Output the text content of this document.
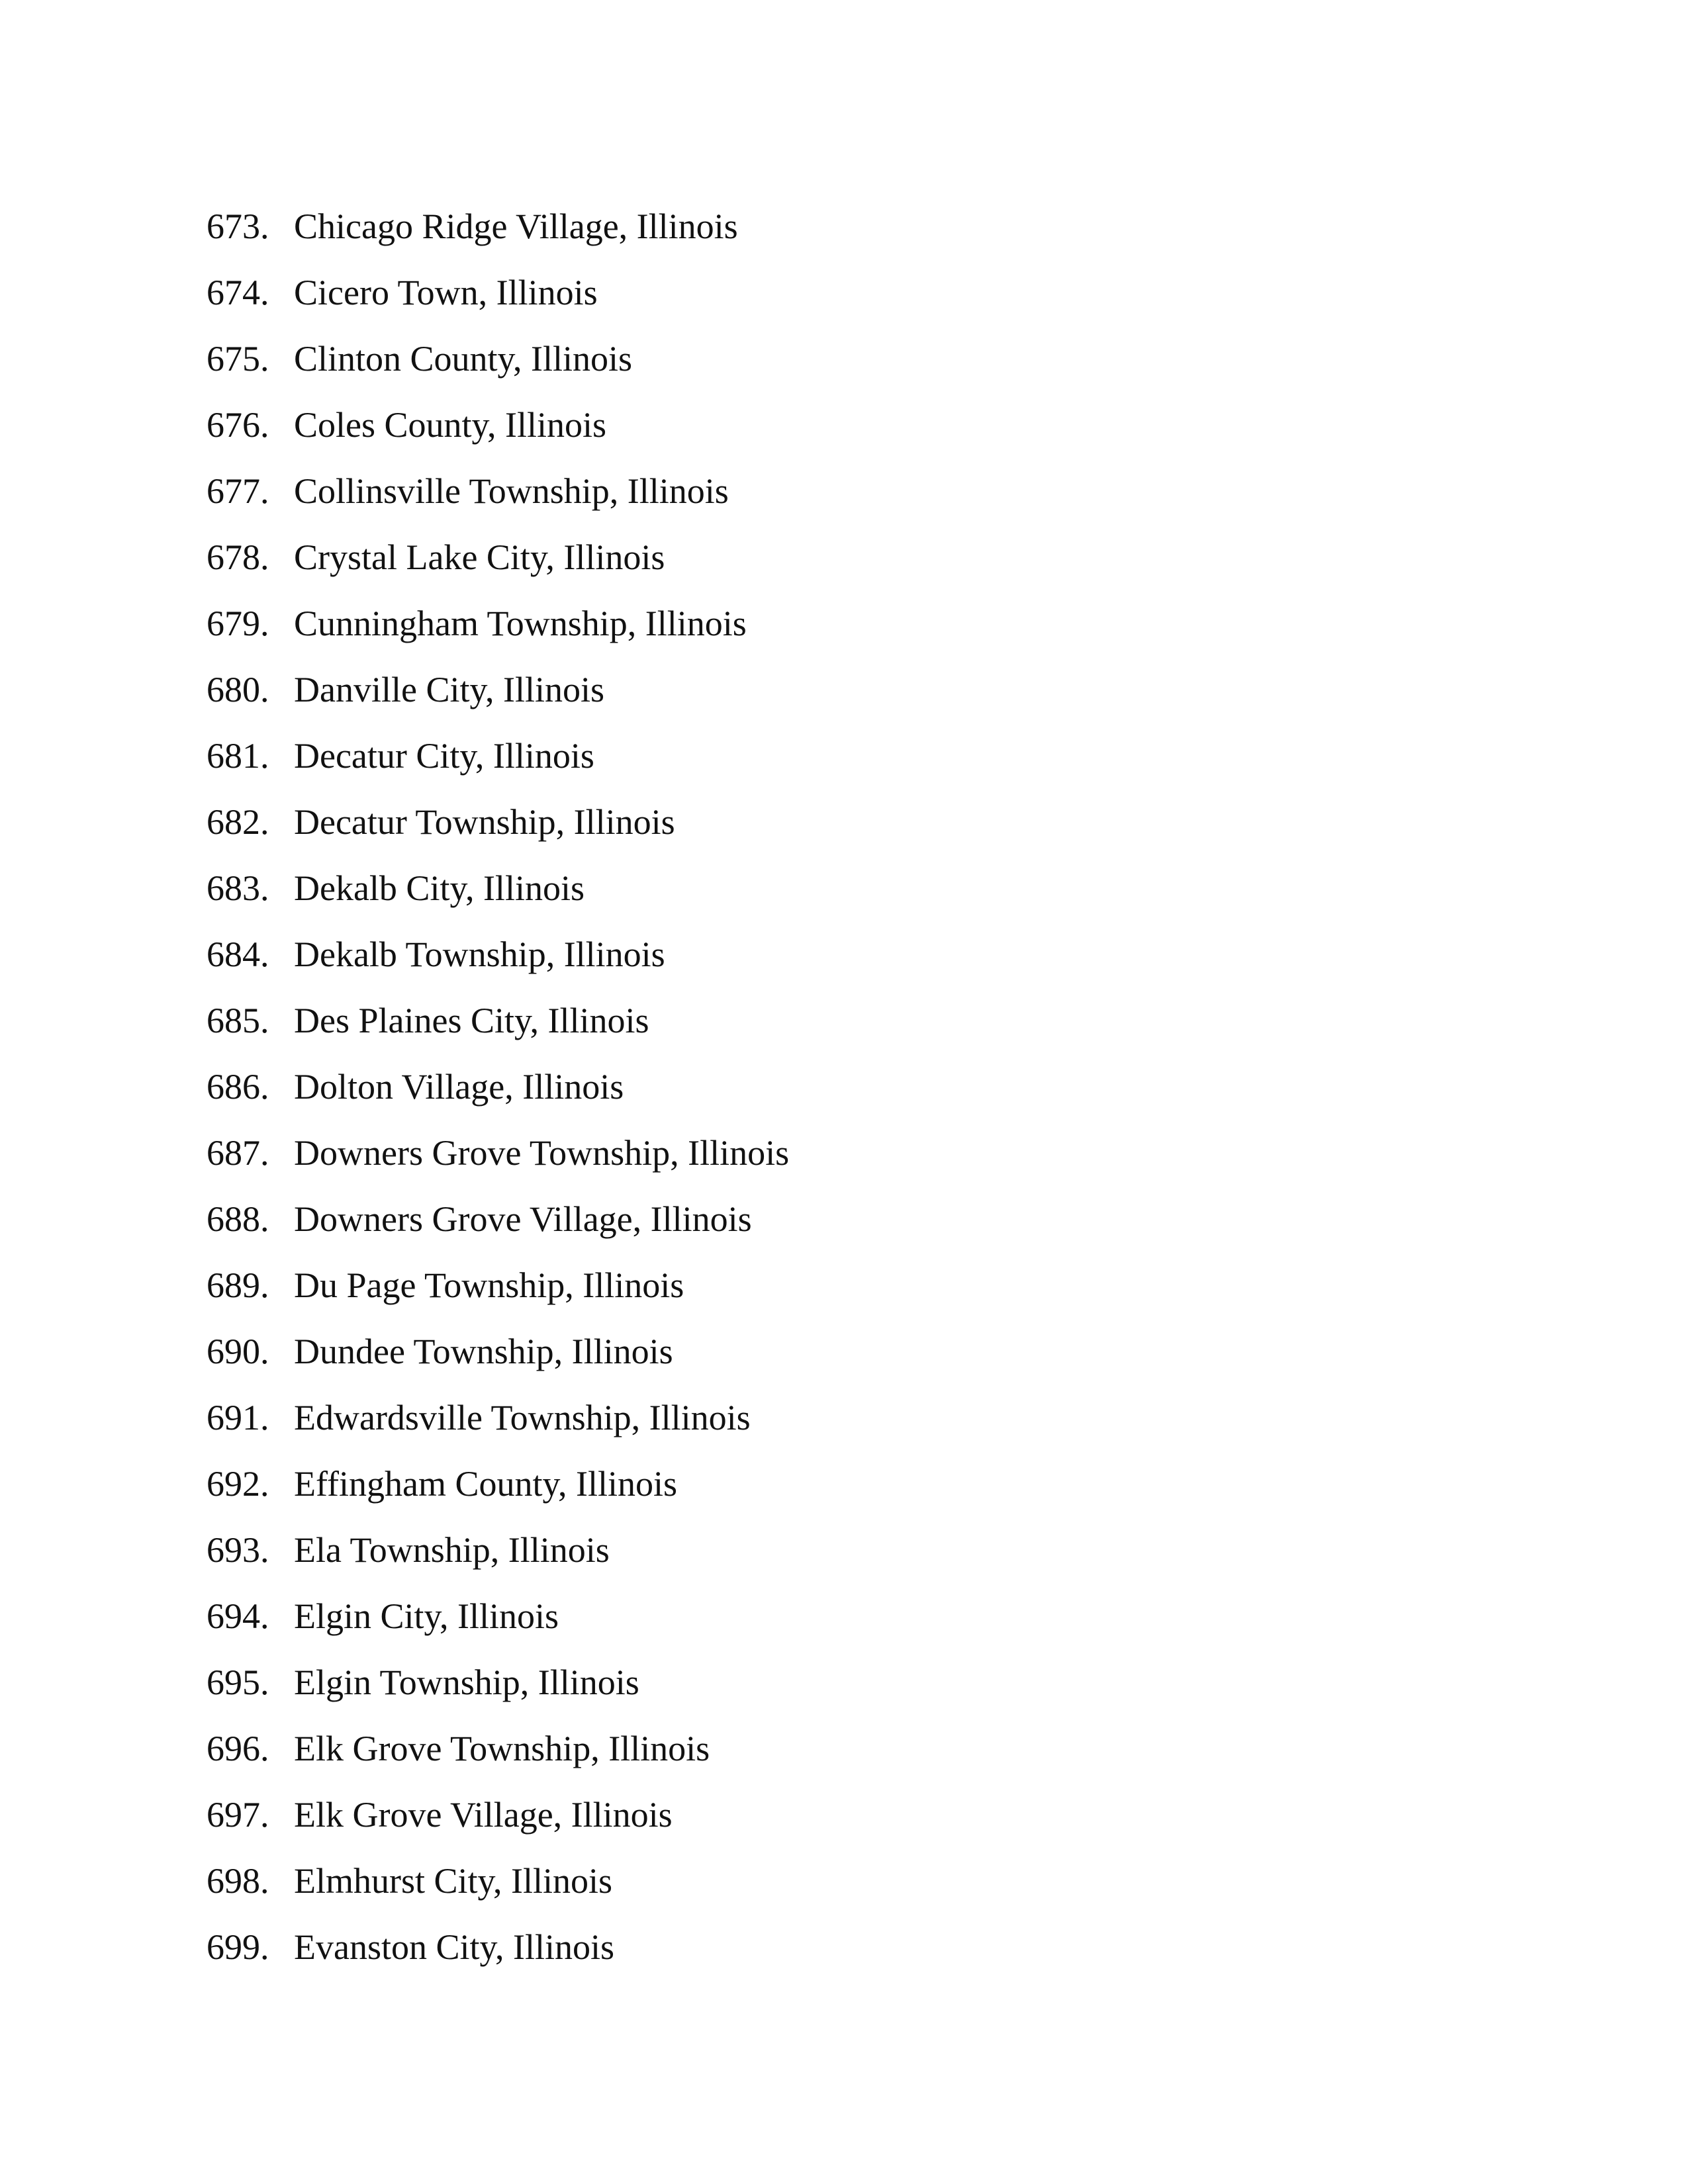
673. Chicago Ridge Village, Illinois
674. Cicero Town, Illinois
675. Clinton County, Illinois
676. Coles County, Illinois
677. Collinsville Township, Illinois
678. Crystal Lake City, Illinois
679. Cunningham Township, Illinois
680. Danville City, Illinois
681. Decatur City, Illinois
682. Decatur Township, Illinois
683. Dekalb City, Illinois
684. Dekalb Township, Illinois
685. Des Plaines City, Illinois
686. Dolton Village, Illinois
687. Downers Grove Township, Illinois
688. Downers Grove Village, Illinois
689. Du Page Township, Illinois
690. Dundee Township, Illinois
691. Edwardsville Township, Illinois
692. Effingham County, Illinois
693. Ela Township, Illinois
694. Elgin City, Illinois
695. Elgin Township, Illinois
696. Elk Grove Township, Illinois
697. Elk Grove Village, Illinois
698. Elmhurst City, Illinois
699. Evanston City, Illinois
